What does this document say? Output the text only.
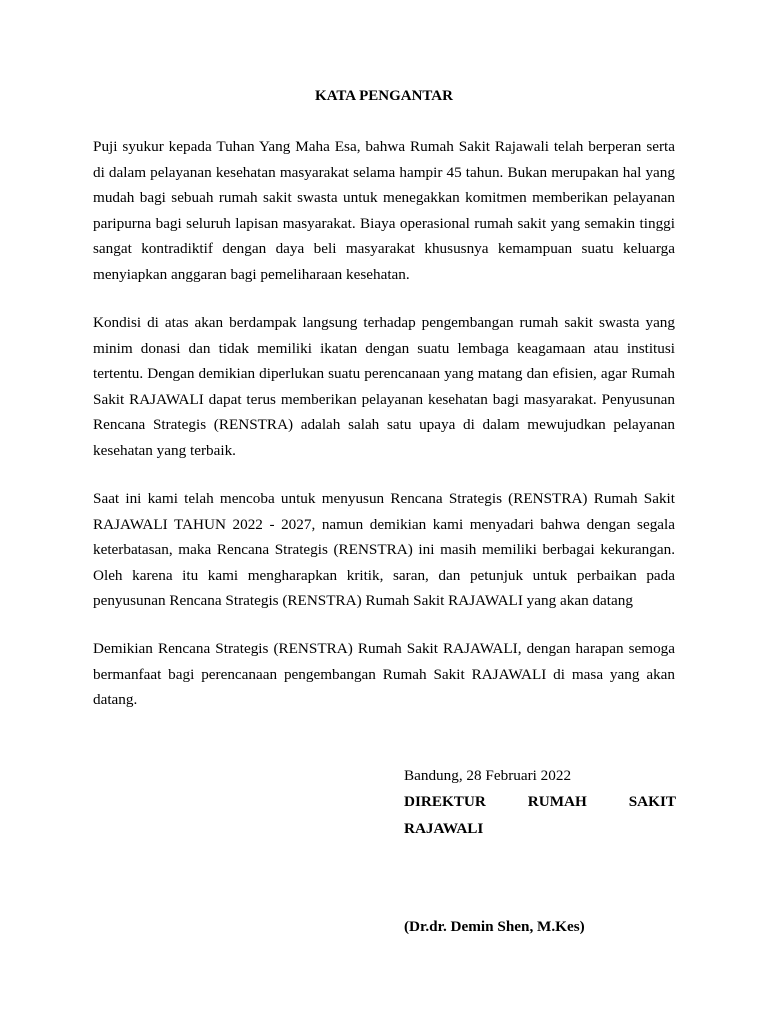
KATA PENGANTAR

Puji syukur kepada Tuhan Yang Maha Esa, bahwa Rumah Sakit Rajawali telah berperan serta di dalam pelayanan kesehatan masyarakat selama hampir 45 tahun. Bukan merupakan hal yang mudah bagi sebuah rumah sakit swasta untuk menegakkan komitmen memberikan pelayanan paripurna bagi seluruh lapisan masyarakat. Biaya operasional rumah sakit yang semakin tinggi sangat kontradiktif dengan daya beli masyarakat khususnya kemampuan suatu keluarga menyiapkan anggaran bagi pemeliharaan kesehatan.

Kondisi di atas akan berdampak langsung terhadap pengembangan rumah sakit swasta yang minim donasi dan tidak memiliki ikatan dengan suatu lembaga keagamaan atau institusi tertentu. Dengan demikian diperlukan suatu perencanaan yang matang dan efisien, agar Rumah Sakit RAJAWALI dapat terus memberikan pelayanan kesehatan bagi masyarakat. Penyusunan Rencana Strategis (RENSTRA) adalah salah satu upaya di dalam mewujudkan pelayanan kesehatan yang terbaik.

Saat ini kami telah mencoba untuk menyusun Rencana Strategis (RENSTRA) Rumah Sakit RAJAWALI TAHUN 2022 - 2027, namun demikian kami menyadari bahwa dengan segala keterbatasan, maka Rencana Strategis (RENSTRA) ini masih memiliki berbagai kekurangan. Oleh karena itu kami mengharapkan kritik, saran, dan petunjuk untuk perbaikan pada penyusunan Rencana Strategis (RENSTRA) Rumah Sakit RAJAWALI yang akan datang

Demikian Rencana Strategis (RENSTRA) Rumah Sakit RAJAWALI, dengan harapan semoga bermanfaat bagi perencanaan pengembangan Rumah Sakit RAJAWALI di masa yang akan datang.

Bandung, 28 Februari 2022

DIREKTUR RUMAH SAKIT RAJAWALI

(Dr.dr. Demin Shen, M.Kes)
